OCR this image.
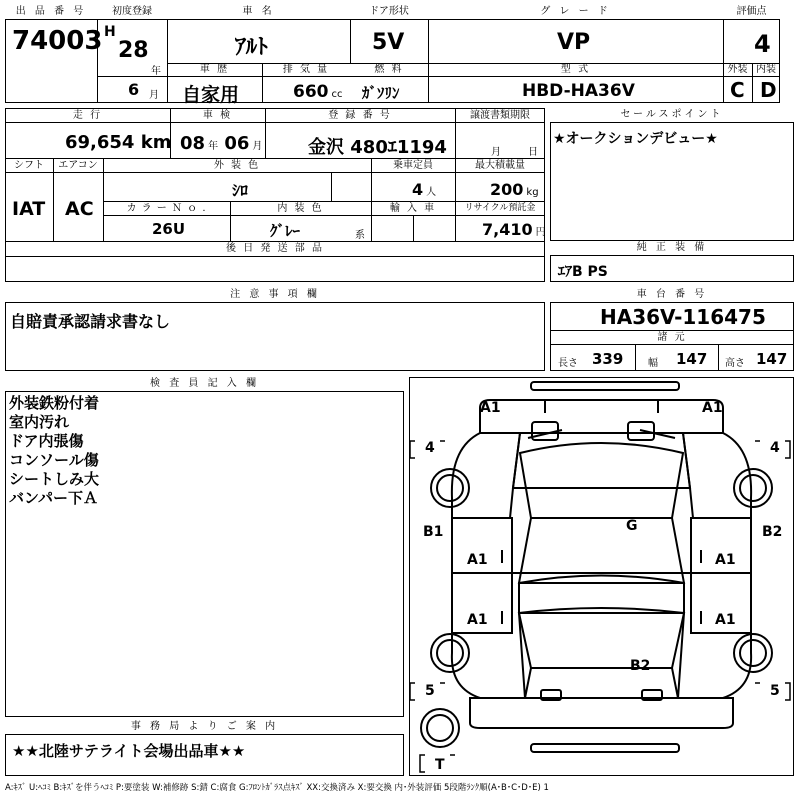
出 品 番 号
74003
初度登録
H
28
年
6 月
車 名
ｱﾙﾄ
ドア形状
5V
グ レ ー ド
VP
評価点
4
車 歴
自家用
排 気 量
660 cc
燃 料
ｶﾞｿﾘﾝ
型 式
HBD-HA36V
外装 内装
C D
走 行
69,654 km
車 検
08 年 06 月
登 録 番 号
金沢 480ｴ1194
譲渡書類期限
月	日
シフト
IAT
エアコン
AC
外 装 色
ｼﾛ
乗車定員
4 人
最大積載量
200 kg
カ ラ ー Ｎ ｏ .
26U
内 装 色
ｸﾞﾚｰ	系
輸 入 車	リサイクル預託金
7,410 円
後 日 発 送 部 品
セールスポイント
★オークションデビュー★
純 正 装 備
ｴｱB PS
注 意 事 項 欄
自賠責承認請求書なし
車 台 番 号
HA36V-116475
諸 元
長さ 339 幅 147 高さ 147
検 査 員 記 入 欄
外装鉄粉付着
室内汚れ
ドア内張傷
コンソール傷
シートしみ大
バンパー下Ａ
事 務 局 よ り ご 案 内
★★北陸サテライト会場出品車★★
A1	A1
4	4
B1	B2
G
A1	A1
A1	A1
B2
5	5
T
A:ｷｽﾞ U:ﾍｺﾐ B:ｷｽﾞを伴うﾍｺﾐ P:要塗装 W:補修跡 S:錆 C:腐食 G:ﾌﾛﾝﾄｶﾞﾗｽ点ｷｽﾞ XX:交換済み X:要交換 内･外装評価 5段階ﾗﾝｸ順(A･B･C･D･E) 1
